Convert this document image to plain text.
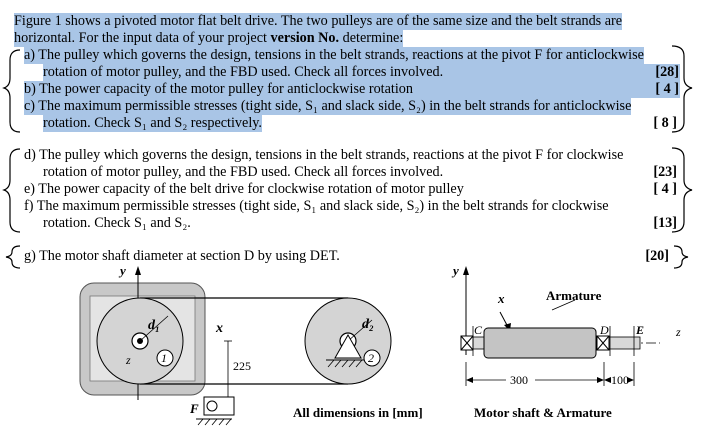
Figure 1 shows a pivoted motor flat belt drive. The two pulleys are of the same size and the belt strands are
horizontal. For the input data of your project version No. determine:
a) The pulley which governs the design, tensions in the belt strands, reactions at the pivot F for anticlockwise
rotation of motor pulley, and the FBD used. Check all forces involved.	[28]
b) The power capacity of the motor pulley for anticlockwise rotation	[ 4 ]
c) The maximum permissible stresses (tight side, S₁ and slack side, S₂) in the belt strands for anticlockwise
rotation. Check S₁ and S₂ respectively.	[ 8 ]
d) The pulley which governs the design, tensions in the belt strands, reactions at the pivot F for clockwise
rotation of motor pulley, and the FBD used. Check all forces involved.	[23]
e) The power capacity of the belt drive for clockwise rotation of motor pulley	[ 4 ]
f) The maximum permissible stresses (tight side, S₁ and slack side, S₂) in the belt strands for clockwise
rotation. Check S₁ and S₂.	[13]
g) The motor shaft diameter at section D by using DET.	[20]
y
d₁	x	d₂
z	1	2
225
F	All dimensions in [mm]
y
x	Armature
C	D E	z
300	100
Motor shaft & Armature
